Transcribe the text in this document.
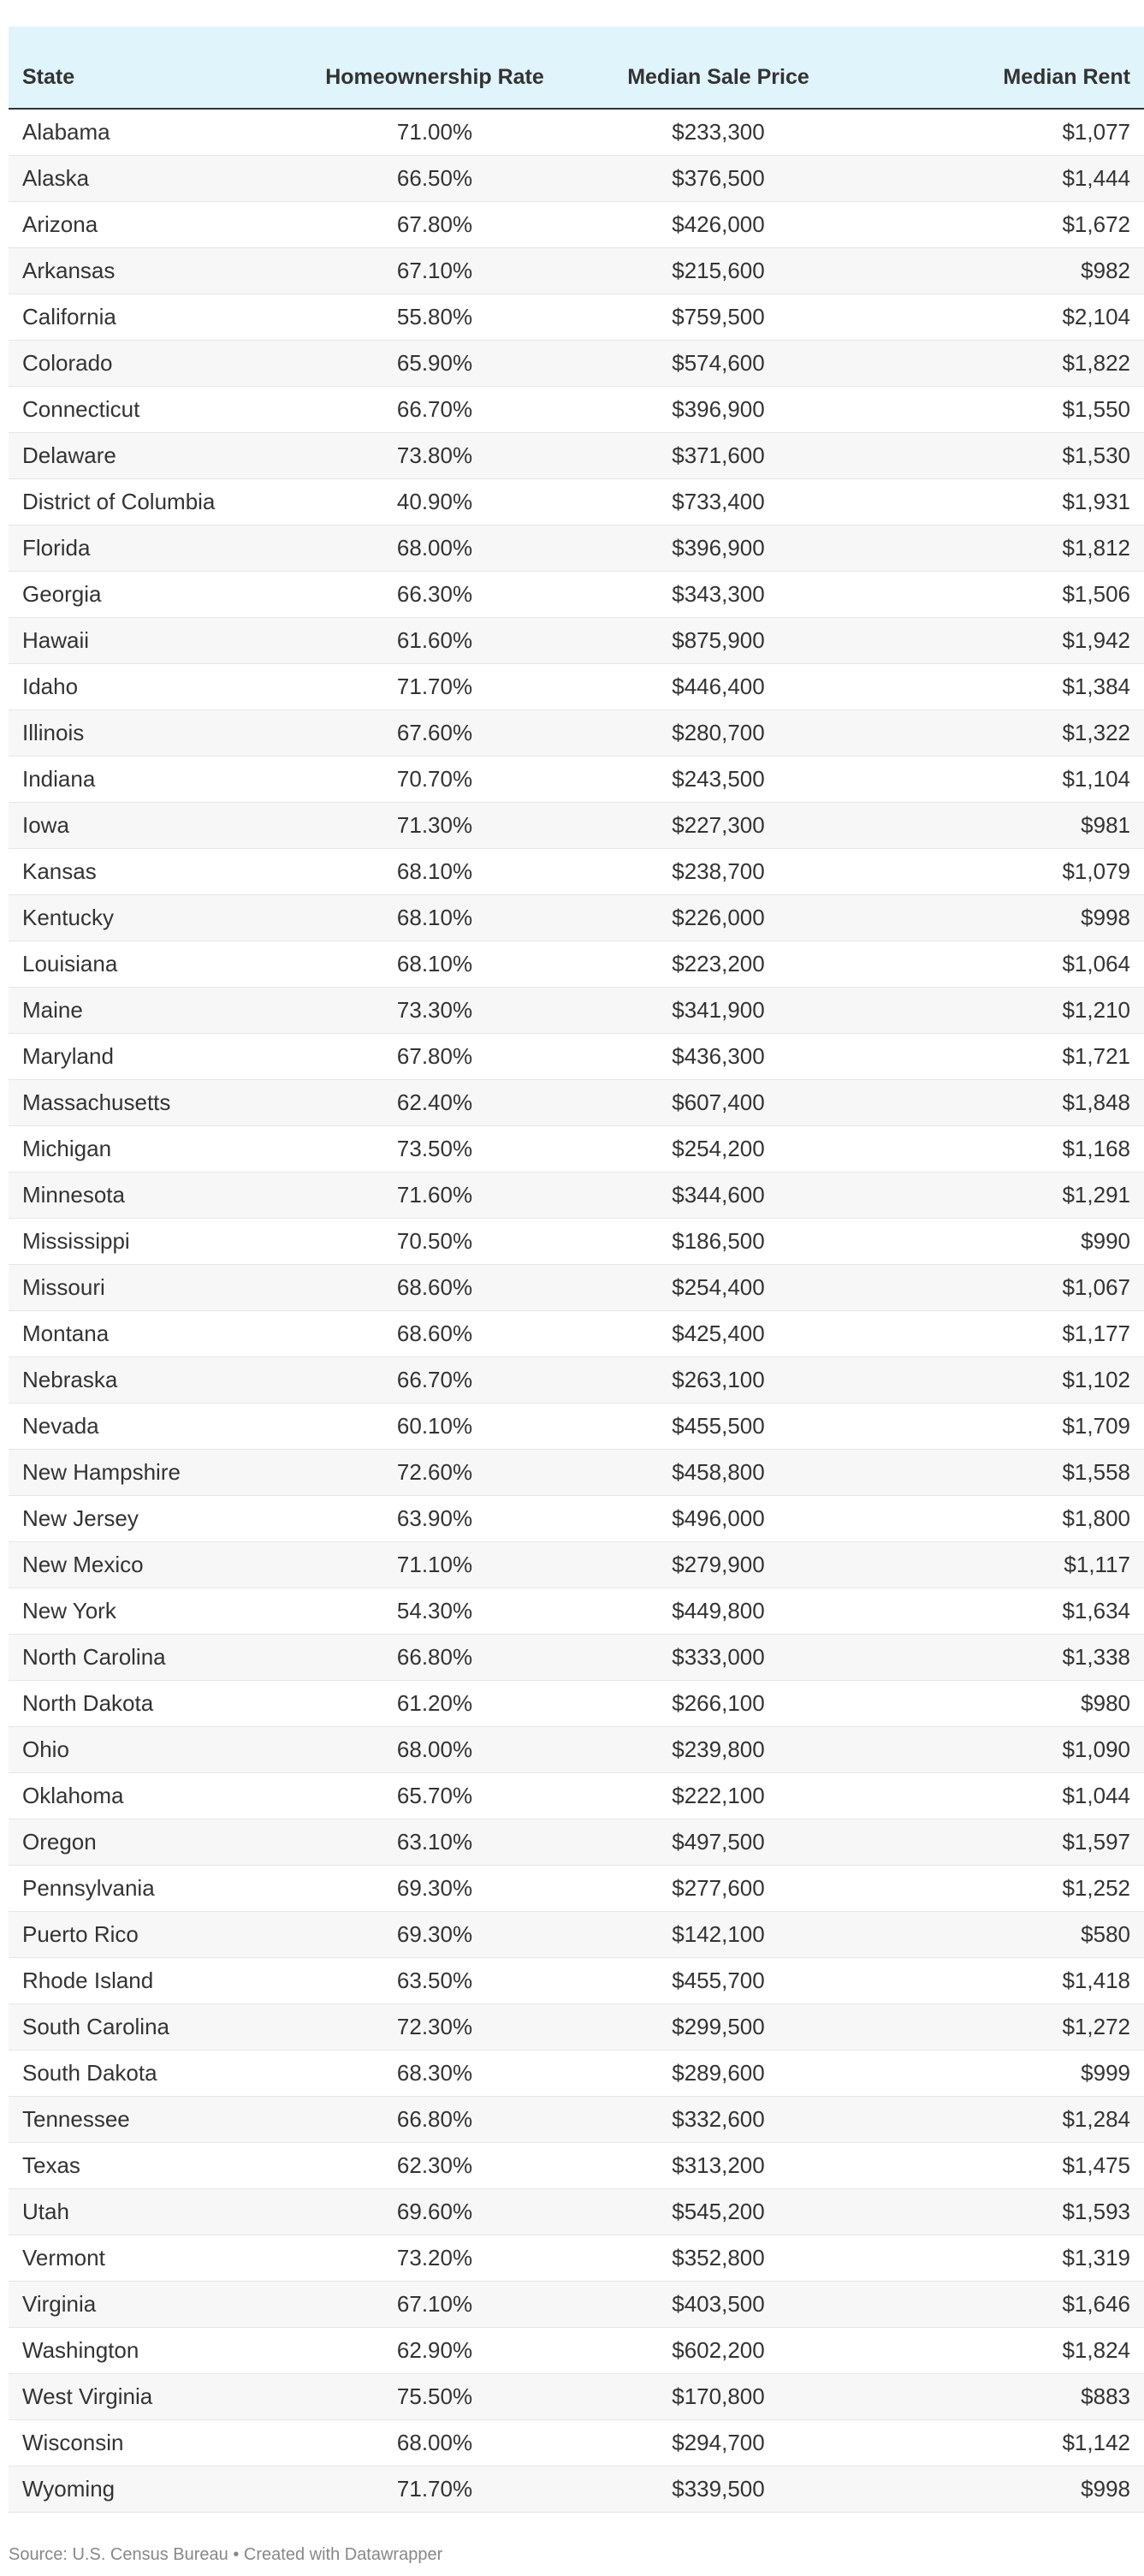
State	Homeownership Rate	Median Sale Price	Median Rent
Alabama	71.00%	$233,300	$1,077
Alaska	66.50%	$376,500	$1,444
Arizona	67.80%	$426,000	$1,672
Arkansas	67.10%	$215,600	$982
California	55.80%	$759,500	$2,104
Colorado	65.90%	$574,600	$1,822
Connecticut	66.70%	$396,900	$1,550
Delaware	73.80%	$371,600	$1,530
District of Columbia	40.90%	$733,400	$1,931
Florida	68.00%	$396,900	$1,812
Georgia	66.30%	$343,300	$1,506
Hawaii	61.60%	$875,900	$1,942
Idaho	71.70%	$446,400	$1,384
Illinois	67.60%	$280,700	$1,322
Indiana	70.70%	$243,500	$1,104
Iowa	71.30%	$227,300	$981
Kansas	68.10%	$238,700	$1,079
Kentucky	68.10%	$226,000	$998
Louisiana	68.10%	$223,200	$1,064
Maine	73.30%	$341,900	$1,210
Maryland	67.80%	$436,300	$1,721
Massachusetts	62.40%	$607,400	$1,848
Michigan	73.50%	$254,200	$1,168
Minnesota	71.60%	$344,600	$1,291
Mississippi	70.50%	$186,500	$990
Missouri	68.60%	$254,400	$1,067
Montana	68.60%	$425,400	$1,177
Nebraska	66.70%	$263,100	$1,102
Nevada	60.10%	$455,500	$1,709
New Hampshire	72.60%	$458,800	$1,558
New Jersey	63.90%	$496,000	$1,800
New Mexico	71.10%	$279,900	$1,117
New York	54.30%	$449,800	$1,634
North Carolina	66.80%	$333,000	$1,338
North Dakota	61.20%	$266,100	$980
Ohio	68.00%	$239,800	$1,090
Oklahoma	65.70%	$222,100	$1,044
Oregon	63.10%	$497,500	$1,597
Pennsylvania	69.30%	$277,600	$1,252
Puerto Rico	69.30%	$142,100	$580
Rhode Island	63.50%	$455,700	$1,418
South Carolina	72.30%	$299,500	$1,272
South Dakota	68.30%	$289,600	$999
Tennessee	66.80%	$332,600	$1,284
Texas	62.30%	$313,200	$1,475
Utah	69.60%	$545,200	$1,593
Vermont	73.20%	$352,800	$1,319
Virginia	67.10%	$403,500	$1,646
Washington	62.90%	$602,200	$1,824
West Virginia	75.50%	$170,800	$883
Wisconsin	68.00%	$294,700	$1,142
Wyoming	71.70%	$339,500	$998
Source: U.S. Census Bureau • Created with Datawrapper
